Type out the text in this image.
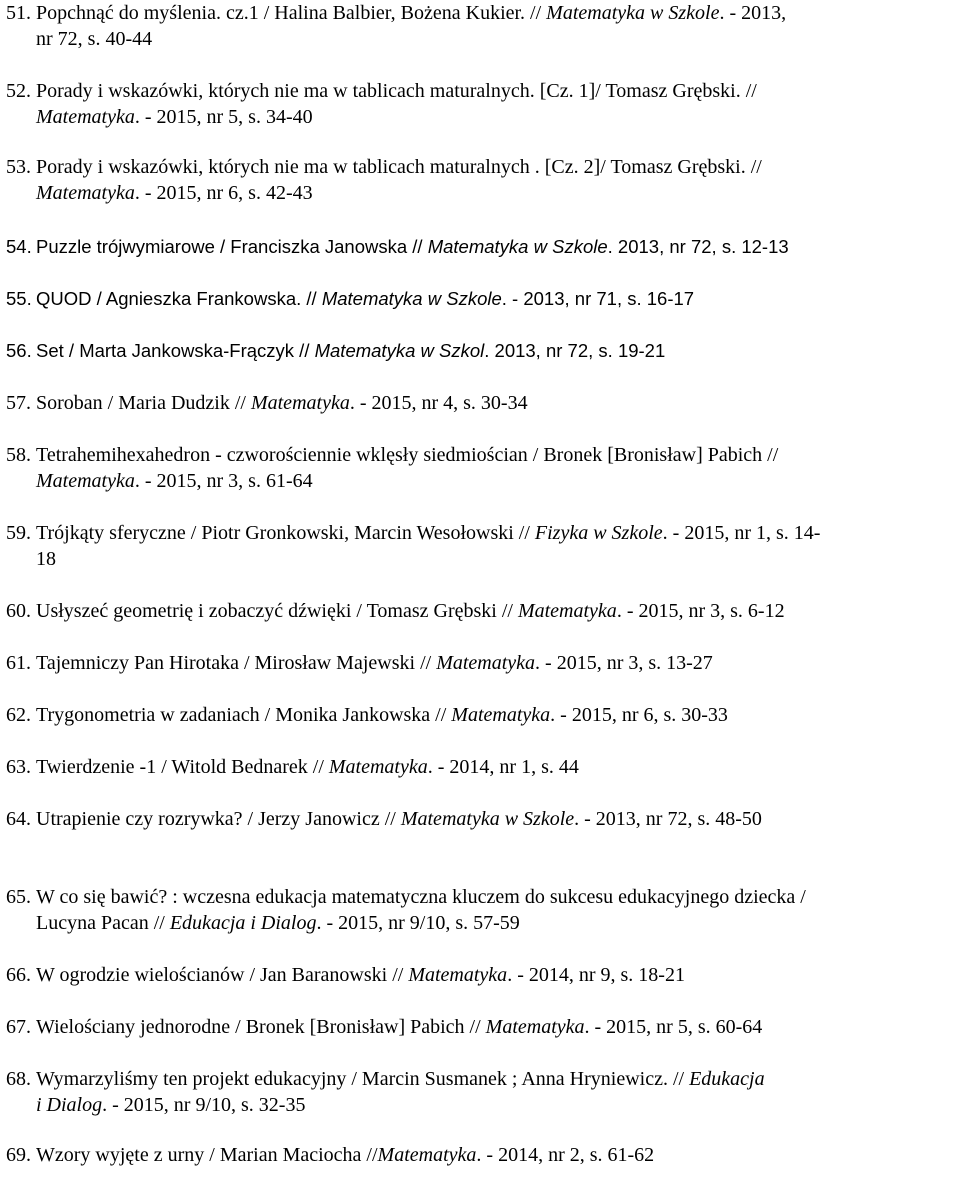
51. Popchnąć do myślenia. cz.1 / Halina Balbier, Bożena Kukier. // Matematyka w Szkole. - 2013,
nr 72, s. 40-44
52. Porady i wskazówki, których nie ma w tablicach maturalnych. [Cz. 1]/ Tomasz Grębski. //
Matematyka. - 2015, nr 5, s. 34-40
53. Porady i wskazówki, których nie ma w tablicach maturalnych . [Cz. 2]/ Tomasz Grębski. //
Matematyka. - 2015, nr 6, s. 42-43
54. Puzzle trójwymiarowe / Franciszka Janowska // Matematyka w Szkole. 2013, nr 72, s. 12-13
55. QUOD / Agnieszka Frankowska. // Matematyka w Szkole. - 2013, nr 71, s. 16-17
56. Set / Marta Jankowska-Frączyk // Matematyka w Szkol. 2013, nr 72, s. 19-21
57. Soroban / Maria Dudzik // Matematyka. - 2015, nr 4, s. 30-34
58. Tetrahemihexahedron - czworościennie wklęsły siedmiościan / Bronek [Bronisław] Pabich //
Matematyka. - 2015, nr 3, s. 61-64
59. Trójkąty sferyczne / Piotr Gronkowski, Marcin Wesołowski // Fizyka w Szkole. - 2015, nr 1, s. 14-
18
60. Usłyszeć geometrię i zobaczyć dźwięki / Tomasz Grębski // Matematyka. - 2015, nr 3, s. 6-12
61. Tajemniczy Pan Hirotaka / Mirosław Majewski // Matematyka. - 2015, nr 3, s. 13-27
62. Trygonometria w zadaniach / Monika Jankowska // Matematyka. - 2015, nr 6, s. 30-33
63. Twierdzenie -1 / Witold Bednarek // Matematyka. - 2014, nr 1, s. 44
64. Utrapienie czy rozrywka? / Jerzy Janowicz // Matematyka w Szkole. - 2013, nr 72, s. 48-50
65. W co się bawić? : wczesna edukacja matematyczna kluczem do sukcesu edukacyjnego dziecka /
Lucyna Pacan // Edukacja i Dialog. - 2015, nr 9/10, s. 57-59
66. W ogrodzie wielościanów / Jan Baranowski // Matematyka. - 2014, nr 9, s. 18-21
67. Wielościany jednorodne / Bronek [Bronisław] Pabich // Matematyka. - 2015, nr 5, s. 60-64
68. Wymarzyliśmy ten projekt edukacyjny / Marcin Susmanek ; Anna Hryniewicz. // Edukacja
i Dialog. - 2015, nr 9/10, s. 32-35
69. Wzory wyjęte z urny / Marian Maciocha //Matematyka. - 2014, nr 2, s. 61-62
